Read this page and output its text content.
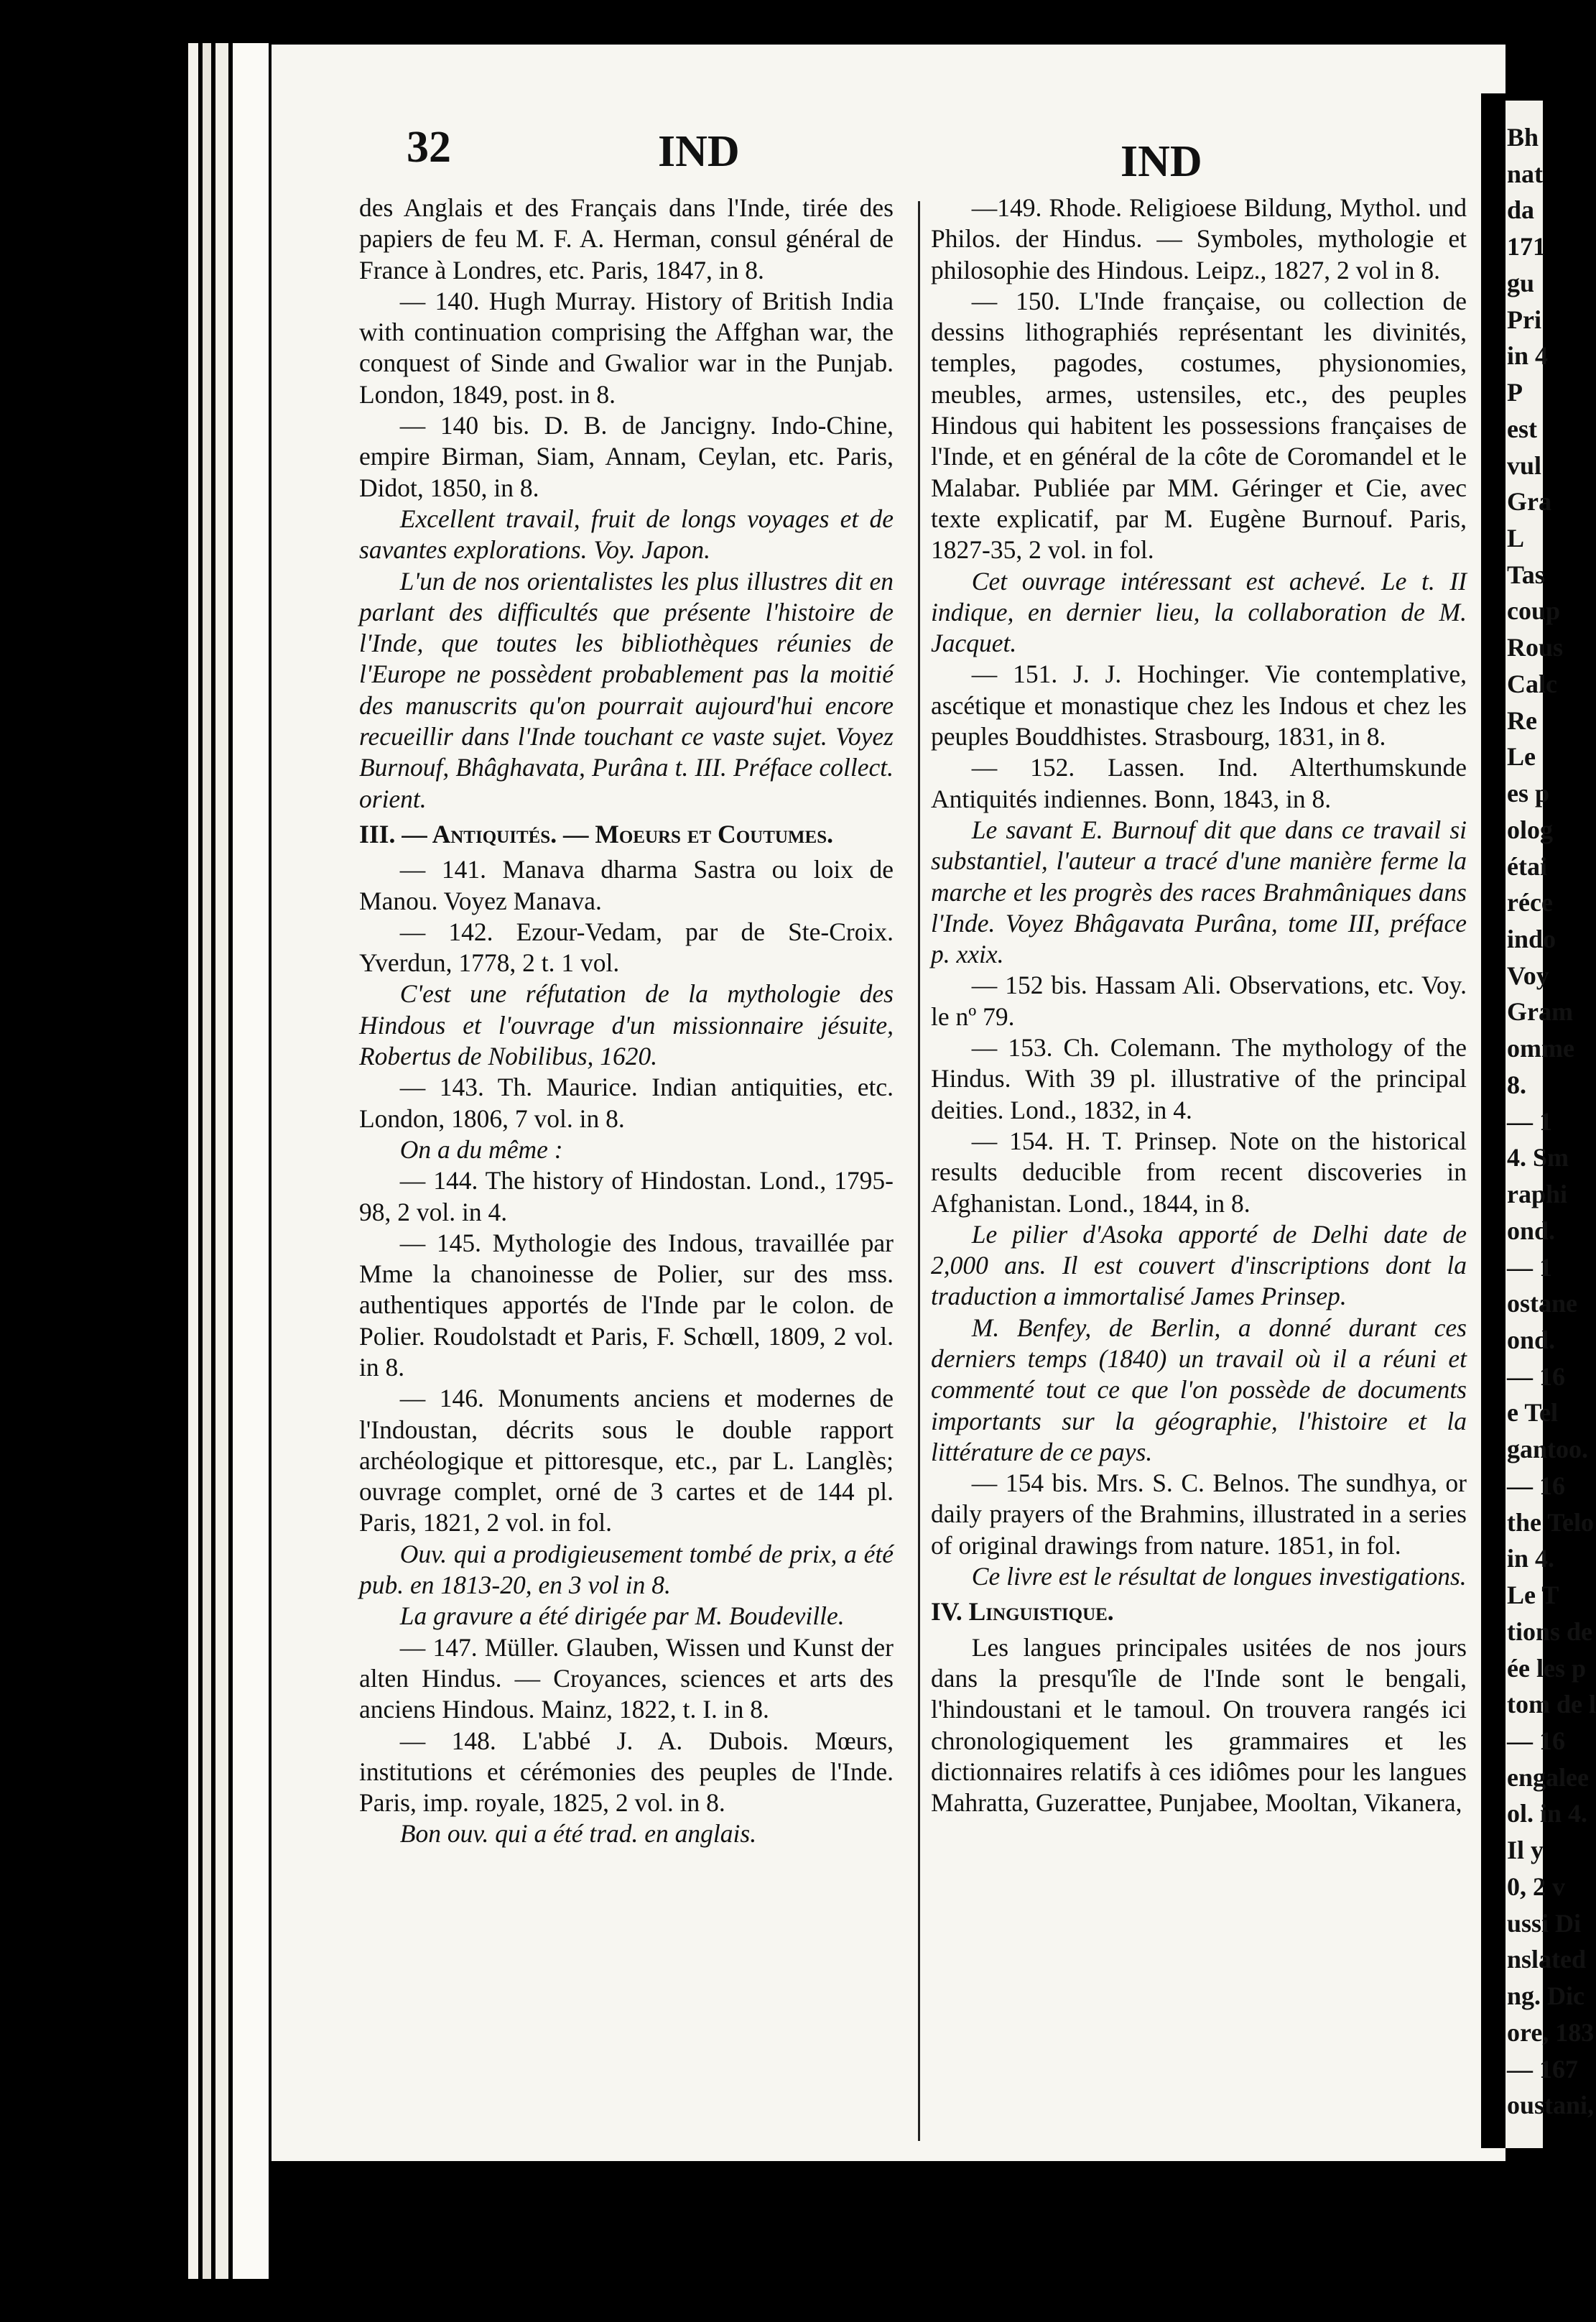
32	IND	IND

des Anglais et des Français dans l'Inde, tirée des papiers de feu M. F. A. Herman, consul général de France à Londres, etc. Paris, 1847, in 8.

— 140. Hugh Murray. History of British India with continuation comprising the Affghan war, the conquest of Sinde and Gwalior war in the Punjab. London, 1849, post. in 8.

— 140 bis. D. B. de Jancigny. Indo-Chine, empire Birman, Siam, Annam, Ceylan, etc. Paris, Didot, 1850, in 8.

Excellent travail, fruit de longs voyages et de savantes explorations. Voy. Japon.

L'un de nos orientalistes les plus illustres dit en parlant des difficultés que présente l'histoire de l'Inde, que toutes les bibliothèques réunies de l'Europe ne possèdent probablement pas la moitié des manuscrits qu'on pourrait aujourd'hui encore recueillir dans l'Inde touchant ce vaste sujet. Voyez Burnouf, Bhâghavata, Purâna t. III. Préface collect. orient.

III. — Antiquités. — Moeurs et Coutumes.

— 141. Manava dharma Sastra ou loix de Manou. Voyez Manava.

— 142. Ezour-Vedam, par de Ste-Croix. Yverdun, 1778, 2 t. 1 vol.

C'est une réfutation de la mythologie des Hindous et l'ouvrage d'un missionnaire jésuite, Robertus de Nobilibus, 1620.

— 143. Th. Maurice. Indian antiquities, etc. London, 1806, 7 vol. in 8.

On a du même :

— 144. The history of Hindostan. Lond., 1795-98, 2 vol. in 4.

— 145. Mythologie des Indous, travaillée par Mme la chanoinesse de Polier, sur des mss. authentiques apportés de l'Inde par le colon. de Polier. Roudolstadt et Paris, F. Schœll, 1809, 2 vol. in 8.

— 146. Monuments anciens et modernes de l'Indoustan, décrits sous le double rapport archéologique et pittoresque, etc., par L. Langlès; ouvrage complet, orné de 3 cartes et de 144 pl. Paris, 1821, 2 vol. in fol.

Ouv. qui a prodigieusement tombé de prix, a été pub. en 1813-20, en 3 vol in 8.

La gravure a été dirigée par M. Boudeville.

— 147. Müller. Glauben, Wissen und Kunst der alten Hindus. — Croyances, sciences et arts des anciens Hindous. Mainz, 1822, t. I. in 8.

— 148. L'abbé J. A. Dubois. Mœurs, institutions et cérémonies des peuples de l'Inde. Paris, imp. royale, 1825, 2 vol. in 8.

Bon ouv. qui a été trad. en anglais.

—149. Rhode. Religioese Bildung, Mythol. und Philos. der Hindus. — Symboles, mythologie et philosophie des Hindous. Leipz., 1827, 2 vol in 8.

— 150. L'Inde française, ou collection de dessins lithographiés représentant les divinités, temples, pagodes, costumes, physionomies, meubles, armes, ustensiles, etc., des peuples Hindous qui habitent les possessions françaises de l'Inde, et en général de la côte de Coromandel et le Malabar. Publiée par MM. Géringer et Cie, avec texte explicatif, par M. Eugène Burnouf. Paris, 1827-35, 2 vol. in fol.

Cet ouvrage intéressant est achevé. Le t. II indique, en dernier lieu, la collaboration de M. Jacquet.

— 151. J. J. Hochinger. Vie contemplative, ascétique et monastique chez les Indous et chez les peuples Bouddhistes. Strasbourg, 1831, in 8.

— 152. Lassen. Ind. Alterthumskunde Antiquités indiennes. Bonn, 1843, in 8.

Le savant E. Burnouf dit que dans ce travail si substantiel, l'auteur a tracé d'une manière ferme la marche et les progrès des races Brahmâniques dans l'Inde. Voyez Bhâgavata Purâna, tome III, préface p. xxix.

— 152 bis. Hassam Ali. Observations, etc. Voy. le nº 79.

— 153. Ch. Colemann. The mythology of the Hindus. With 39 pl. illustrative of the principal deities. Lond., 1832, in 4.

— 154. H. T. Prinsep. Note on the historical results deducible from recent discoveries in Afghanistan. Lond., 1844, in 8.

Le pilier d'Asoka apporté de Delhi date de 2,000 ans. Il est couvert d'inscriptions dont la traduction a immortalisé James Prinsep.

M. Benfey, de Berlin, a donné durant ces derniers temps (1840) un travail où il a réuni et commenté tout ce que l'on possède de documents importants sur la géographie, l'histoire et la littérature de ce pays.

— 154 bis. Mrs. S. C. Belnos. The sundhya, or daily prayers of the Brahmins, illustrated in a series of original drawings from nature. 1851, in fol.

Ce livre est le résultat de longues investigations.

IV. Linguistique.

Les langues principales usitées de nos jours dans la presqu'île de l'Inde sont le bengali, l'hindoustani et le tamoul. On trouvera rangés ici chronologiquement les grammaires et les dictionnaires relatifs à ces idiômes pour les langues Mahratta, Guzerattee, Punjabee, Mooltan, Vikanera,

Bh
nat
da
171
gu
Pri
in 4
P
est
vul
Gra
L
Tas
coup
Rous
Calc
Re
Le
es p
olog
étai
réce
indo
Voy
Gram
omme
8.
— 1
4. Sm
raphi
ond.
— 1
ostane
ond.
— 16
e Tel
gantoo.
— 16
the Telo
in 4.
Le T
tions de
ée les p
tom de l
— 16
engalee
ol. in 4.
Il y
0, 2 v
ussi Di
nslated
ng. Dic
ore, 183
— 167
oustani,
